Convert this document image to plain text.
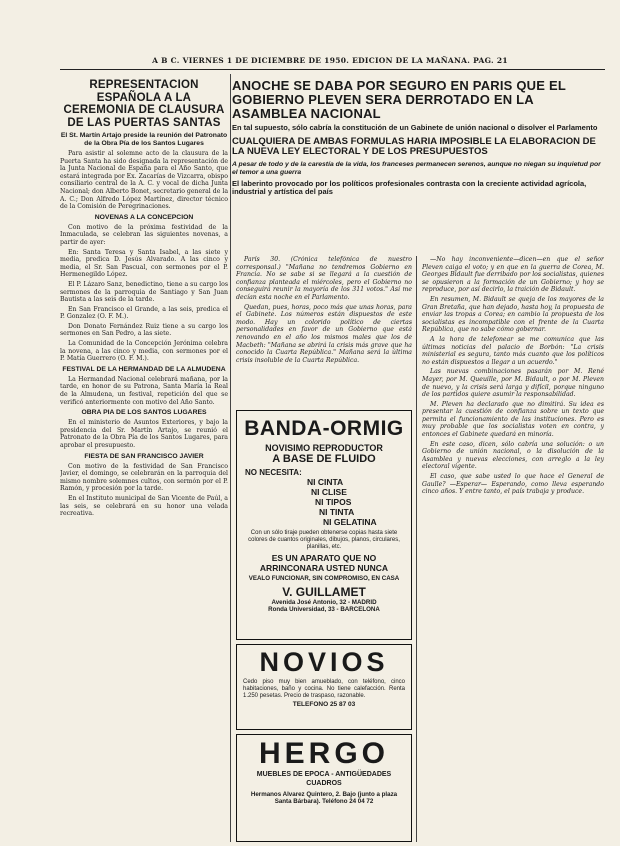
A B C. VIERNES 1 DE DICIEMBRE DE 1950. EDICION DE LA MAÑANA. PAG. 21
REPRESENTACION ESPAÑOLA A LA CEREMONIA DE CLAUSURA DE LAS PUERTAS SANTAS
El St. Martín Artajo preside la reunión del Patronato de la Obra Pía de los Santos Lugares

Para asistir al solemne acto de la clausura de la Puerta Santa ha sido designada la representación de la Junta Nacional de España para el Año Santo, que estará integrada por Ex. Zacarías de Vizcarra, obispo consiliario central de la A. C. y vocal de dicha Junta Nacional; don Alberto Bonet, secretario general de la A. C.; Don Alfredo López Martínez, director técnico de la Comisión de Peregrinaciones.

NOVENAS A LA CONCEPCION

Con motivo de la próxima festividad de la Inmaculada, se celebran las siguientes novenas, a partir de ayer:

En: Santa Teresa y Santa Isabel, a las siete y media, predica D. Jesús Alvarado. A las cinco y media, el Sr. San Pascual, con sermones por el P. Hermenegildo López.

El P. Lázaro Sanz, benedictino, tiene a su cargo los sermones de la parroquia de Santiago y San Juan Bautista a las seis de la tarde.

En San Francisco el Grande, a las seis, predica el P. Gonzalez (O. F. M.).

Don Donato Fernández Ruiz tiene a su cargo los sermones en San Pedro, a las siete.

La Comunidad de la Concepción Jerónima celebra la novena, a las cinco y media, con sermones por el P. Matía Guerrero (O. F. M.).

FESTIVAL DE LA HERMANDAD DE LA ALMUDENA

La Hermandad Nacional celebrará mañana, por la tarde, en honor de su Patrona, Santa María la Real de la Almudena, un festival, repetición del que se verificó anteriormente con motivo del Año Santo.

OBRA PIA DE LOS SANTOS LUGARES

En el ministerio de Asuntos Exteriores, y bajo la presidencia del Sr. Martín Artajo, se reunió el Patronato de la Obra Pía de los Santos Lugares, para aprobar el presupuesto.

FIESTA DE SAN FRANCISCO JAVIER

Con motivo de la festividad de San Francisco Javier, el domingo, se celebrarán en la parroquia del mismo nombre solemnes cultos, con sermón por el P. Ramón, y procesión por la tarde.

En el Instituto municipal de San Vicente de Paúl, a las seis, se celebrará en su honor una velada recreativa.

ANOCHE SE DABA POR SEGURO EN PARIS QUE EL GOBIERNO PLEVEN SERA DERROTADO EN LA ASAMBLEA NACIONAL
En tal supuesto, sólo cabría la constitución de un Gabinete de unión nacional o disolver el Parlamento
CUALQUIERA DE AMBAS FORMULAS HARIA IMPOSIBLE LA ELABORACION DE LA NUEVA LEY ELECTORAL Y DE LOS PRESUPUESTOS
A pesar de todo y de la carestía de la vida, los franceses permanecen serenos, aunque no niegan su inquietud por el temor a una guerra
El laberinto provocado por los políticos profesionales contrasta con la creciente actividad agrícola, industrial y artística del país

París 30. (Crónica telefónica de nuestro corresponsal.) "Mañana no tendremos Gobierno en Francia. No se sabe si se llegará a la cuestión de confianza planteada el miércoles, pero el Gobierno no conseguirá reunir la mayoría de los 311 votos." Así me decían esta noche en el Parlamento.

Quedan, pues, horas, poco más que unas horas, para el Gabinete. Los números están dispuestos de este modo. Hay un colorido político de ciertas personalidades en favor de un Gobierno que está renovando en el año los mismos males que los de Macbeth: "Mañana se abrirá la crisis más grave que ha conocido la Cuarta República." Mañana será la última crisis insoluble de la Cuarta República.

—No hay inconveniente—dicen—en que el señor Pleven caiga el voto; y en que en la guerra de Corea, M. Georges Bidault fue derribado por los socialistas, quienes se opusieron a la formación de un Gobierno; y hoy se reproduce, por así decirlo, la traición de Bidault.

En resumen, M. Bidault se queja de los mayores de la Gran Bretaña, que han dejado, hasta hoy, la propuesta de enviar las tropas a Corea; en cambio la propuesta de los socialistas es incompatible con el frente de la Cuarta República, que no sabe cómo gobernar.

A la hora de telefonear se me comunica que las últimas noticias del palacio de Borbón: "La crisis ministerial es segura, tanto más cuanto que los políticos no están dispuestos a llegar a un acuerdo."

Las nuevas combinaciones pasarán por M. René Mayer, por M. Queuille, por M. Bidault, o por M. Pleven de nuevo, y la crisis será larga y difícil, porque ninguno de los partidos quiere asumir la responsabilidad.

M. Pleven ha declarado que no dimitirá. Su idea es presentar la cuestión de confianza sobre un texto que permita el funcionamiento de las instituciones. Pero es muy probable que los socialistas voten en contra, y entonces el Gabinete quedará en minoría.

En este caso, dicen, sólo cabría una solución: o un Gobierno de unión nacional, o la disolución de la Asamblea y nuevas elecciones, con arreglo a la ley electoral vigente.

El caso, que sabe usted lo que hace el General de Gaulle? —Esperar— Esperando, como lleva esperando cinco años. Y entre tanto, el país trabaja y produce.

BANDA-ORMIG
NOVISIMO REPRODUCTOR
A BASE DE FLUIDO
NO NECESITA:
NI CINTA
NI CLISE
NI TIPOS
NI TINTA
NI GELATINA
Con un sólo tiraje pueden obtenerse copias hasta siete colores de cuantos originales, dibujos, planos, circulares, planillas, etc.
ES UN APARATO QUE NO ARRINCONARA USTED NUNCA
VEALO FUNCIONAR, SIN COMPROMISO, EN CASA
V. GUILLAMET
Avenida José Antonio, 32 - MADRID
Ronda Universidad, 33 - BARCELONA
NOVIOS
Cedo piso muy bien amueblado, con teléfono, cinco habitaciones, baño y cocina. No tiene calefacción. Renta 1.250 pesetas. Precio de traspaso, razonable.
TELEFONO 25 87 03
HERGO
MUEBLES DE EPOCA - ANTIGÜEDADES CUADROS
Hermanos Alvarez Quintero, 2. Bajo (junto a plaza Santa Bárbara). Teléfono 24 04 72
